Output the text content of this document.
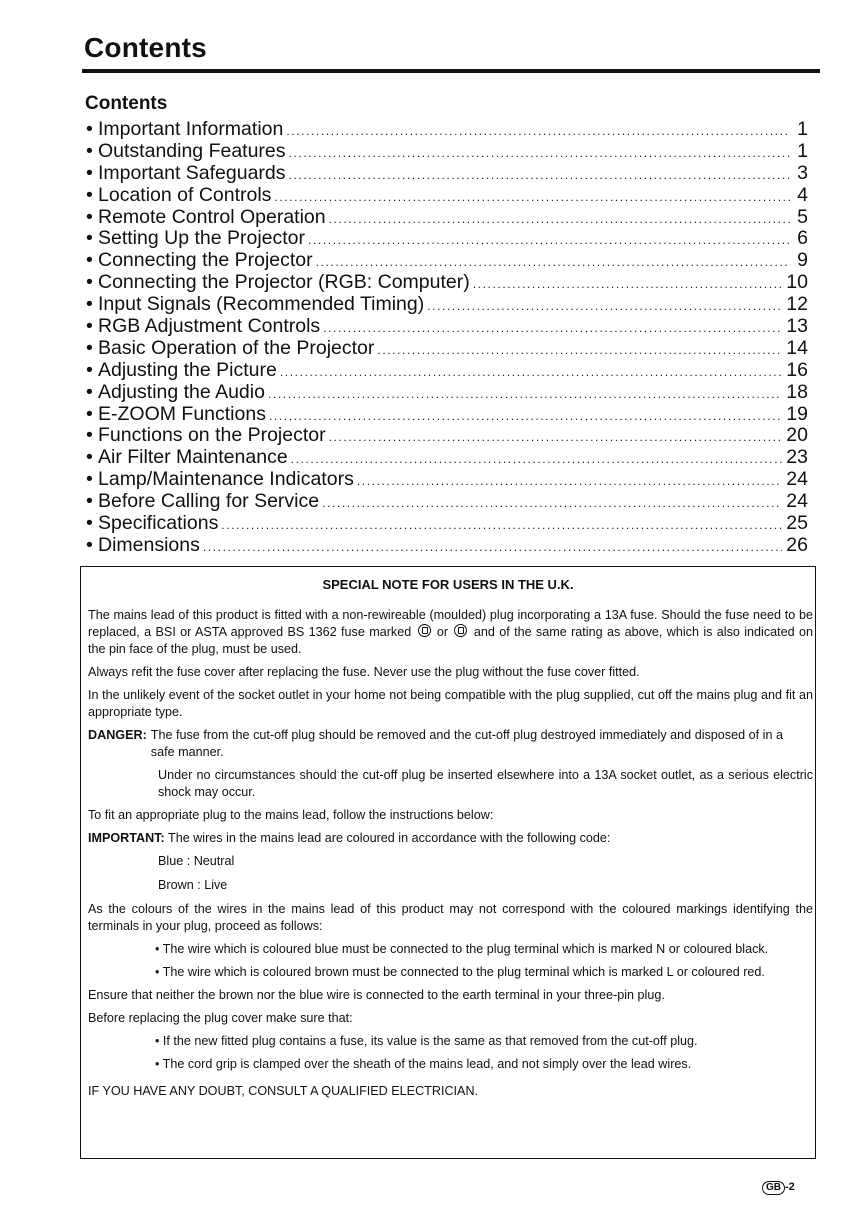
Contents
Contents
• Important Information .....	1
• Outstanding Features .....	1
• Important Safeguards .....	3
• Location of Controls .....	4
• Remote Control Operation .....	5
• Setting Up the Projector .....	6
• Connecting the Projector .....	9
• Connecting the Projector (RGB: Computer) .....	10
• Input Signals (Recommended Timing) .....	12
• RGB Adjustment Controls .....	13
• Basic Operation of the Projector .....	14
• Adjusting the Picture .....	16
• Adjusting the Audio .....	18
• E-ZOOM Functions .....	19
• Functions on the Projector .....	20
• Air Filter Maintenance .....	23
• Lamp/Maintenance Indicators .....	24
• Before Calling for Service .....	24
• Specifications .....	25
• Dimensions .....	26
SPECIAL NOTE FOR USERS IN THE U.K.

The mains lead of this product is fitted with a non-rewireable (moulded) plug incorporating a 13A fuse. Should the fuse need to be replaced, a BSI or ASTA approved BS 1362 fuse marked or and of the same rating as above, which is also indicated on the pin face of the plug, must be used.

Always refit the fuse cover after replacing the fuse. Never use the plug without the fuse cover fitted.

In the unlikely event of the socket outlet in your home not being compatible with the plug supplied, cut off the mains plug and fit an appropriate type.

DANGER: The fuse from the cut-off plug should be removed and the cut-off plug destroyed immediately and disposed of in a safe manner.

Under no circumstances should the cut-off plug be inserted elsewhere into a 13A socket outlet, as a serious electric shock may occur.

To fit an appropriate plug to the mains lead, follow the instructions below:

IMPORTANT: The wires in the mains lead are coloured in accordance with the following code:

Blue : Neutral

Brown : Live

As the colours of the wires in the mains lead of this product may not correspond with the coloured markings identifying the terminals in your plug, proceed as follows:

• The wire which is coloured blue must be connected to the plug terminal which is marked N or coloured black.

• The wire which is coloured brown must be connected to the plug terminal which is marked L or coloured red.

Ensure that neither the brown nor the blue wire is connected to the earth terminal in your three-pin plug.

Before replacing the plug cover make sure that:

• If the new fitted plug contains a fuse, its value is the same as that removed from the cut-off plug.

• The cord grip is clamped over the sheath of the mains lead, and not simply over the lead wires.

IF YOU HAVE ANY DOUBT, CONSULT A QUALIFIED ELECTRICIAN.

GB -2
